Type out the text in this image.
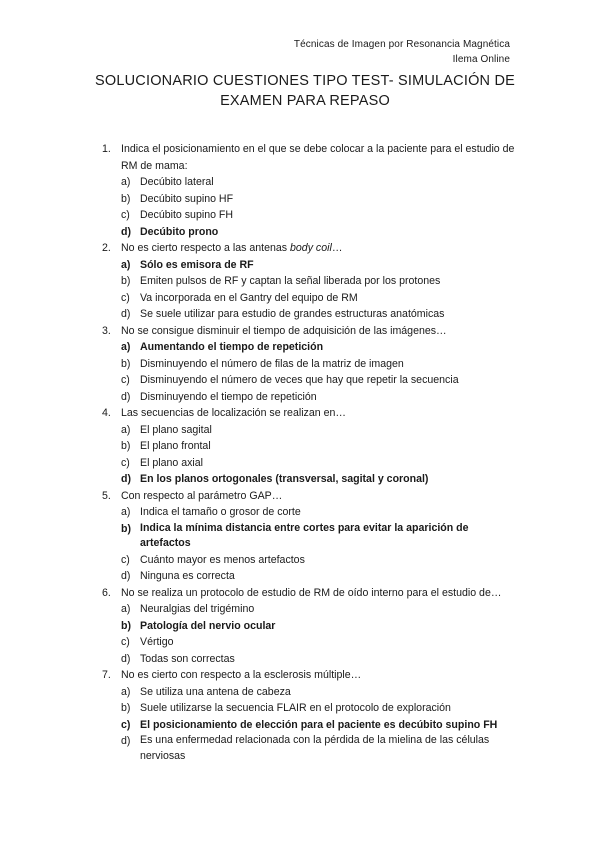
Técnicas de Imagen por Resonancia Magnética
Ilema Online
SOLUCIONARIO CUESTIONES TIPO TEST- SIMULACIÓN DE
EXAMEN PARA REPASO
1. Indica el posicionamiento en el que se debe colocar a la paciente para el estudio de RM de mama:
a) Decúbito lateral
b) Decúbito supino HF
c) Decúbito supino FH
d) Decúbito prono
2. No es cierto respecto a las antenas body coil…
a) Sólo es emisora de RF
b) Emiten pulsos de RF y captan la señal liberada por los protones
c) Va incorporada en el Gantry del equipo de RM
d) Se suele utilizar para estudio de grandes estructuras anatómicas
3. No se consigue disminuir el tiempo de adquisición de las imágenes…
a) Aumentando el tiempo de repetición
b) Disminuyendo el número de filas de la matriz de imagen
c) Disminuyendo el número de veces que hay que repetir la secuencia
d) Disminuyendo el tiempo de repetición
4. Las secuencias de localización se realizan en…
a) El plano sagital
b) El plano frontal
c) El plano axial
d) En los planos ortogonales (transversal, sagital y coronal)
5. Con respecto al parámetro GAP…
a) Indica el tamaño o grosor de corte
b) Indica la mínima distancia entre cortes para evitar la aparición de artefactos
c) Cuánto mayor es menos artefactos
d) Ninguna es correcta
6. No se realiza un protocolo de estudio de RM de oído interno para el estudio de…
a) Neuralgias del trigémino
b) Patología del nervio ocular
c) Vértigo
d) Todas son correctas
7. No es cierto con respecto a la esclerosis múltiple…
a) Se utiliza una antena de cabeza
b) Suele utilizarse la secuencia FLAIR en el protocolo de exploración
c) El posicionamiento de elección para el paciente es decúbito supino FH
d) Es una enfermedad relacionada con la pérdida de la mielina de las células nerviosas
